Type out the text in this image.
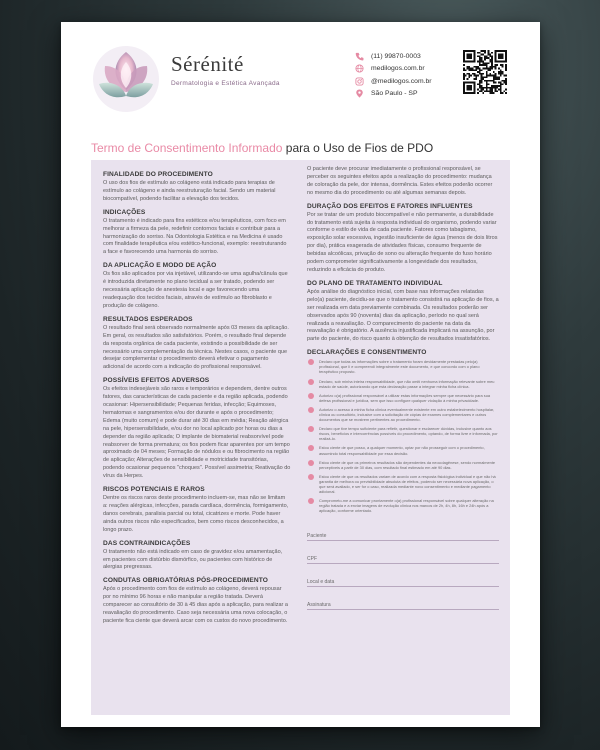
Sérénité
Dermatologia e Estética Avançada
(11) 99870-0003
medilogos.com.br
@medilogos.com.br
São Paulo - SP
Termo de Consentimento Informado para o Uso de Fios de PDO
FINALIDADE DO PROCEDIMENTO
O uso dos fios de estímulo ao colágeno está indicado para terapias de estímulo ao colágeno e ainda reestruturação facial. Sendo um material biocompatível, podendo facilitar a elevação dos tecidos.
INDICAÇÕES
O tratamento é indicado para fins estéticos e/ou terapêuticos, com foco em melhorar a firmeza da pele, redefinir contornos faciais e contribuir para a harmonização do sorriso. Na Odontologia Estética e na Medicina é usado com finalidade terapêutica e/ou estético-funcional, exemplo: reestruturando a face e favorecendo uma harmonia do sorriso.
DA APLICAÇÃO E MODO DE AÇÃO
Os fios são aplicados por via injetável, utilizando-se uma agulha/cânula que é introduzida diretamente no plano tecidual a ser tratado, podendo ser necessária aplicação de anestesia local e age favorecendo uma readequação dos tecidos faciais, através de estímulo ao fibroblasto e produção de colágeno.
RESULTADOS ESPERADOS
O resultado final será observado normalmente após 03 meses da aplicação. Em geral, os resultados são satisfatórios. Porém, o resultado final depende da resposta orgânica de cada paciente, existindo a possibilidade de ser necessário uma complementação da técnica. Nestes casos, o paciente que desejar complementar o procedimento deverá efetivar o pagamento adicional de acordo com a indicação do profissional responsável.
POSSÍVEIS EFEITOS ADVERSOS
Os efeitos indesejáveis são raros e temporários e dependem, dentre outros fatores, das características de cada paciente e da região aplicada, podendo ocasionar: Hipersensibilidade; Pequenas feridas, infecção; Equimoses, hematomas e sangramentos e/ou dor durante e após o procedimento; Edema (muito comum) e pode durar até 30 dias em média; Reação alérgica na pele, hipersensibilidade, e/ou dor no local aplicado por horas ou dias a depender da região aplicada; O implante de biomaterial reabsorvível pode reabsorver de forma prematura; os fios podem ficar aparentes por um tempo aproximado de 04 meses; Formação de nódulos e ou fibrocimento na região de aplicação; Alterações de sensibilidade e motricidade transitórias, podendo ocasionar pequenos "choques". Possível assimetria; Reativação do vírus da Herpes.
RISCOS POTENCIAIS E RAROS
Dentre os riscos raros deste procedimento incluem-se, mas não se limitam a: reações alérgicas, infecções, parada cardíaca, dormência, formigamento, danos cerebrais, paralisia parcial ou total, cicatrizes e morte. Pode haver ainda outros riscos não especificados, bem como riscos desconhecidos, a longo prazo.
DAS CONTRAINDICAÇÕES
O tratamento não está indicado em caso de gravidez e/ou amamentação, em pacientes com distúrbio dismórfico, ou pacientes com histórico de alergias pregressas.
CONDUTAS OBRIGATÓRIAS PÓS-PROCEDIMENTO
Após o procedimento com fios de estímulo ao colágeno, deverá repousar por no mínimo 96 horas e não manipular a região tratada. Deverá comparecer ao consultório de 30 à 45 dias após a aplicação, para realizar a reavaliação do procedimento. Caso seja necessária uma nova colocação, o paciente fica ciente que deverá arcar com os custos do novo procedimento.
O paciente deve procurar imediatamente o profissional responsável, se perceber os seguintes efeitos após a realização do procedimento: mudança de coloração da pele, dor intensa, dormência. Estes efeitos poderão ocorrer no mesmo dia do procedimento ou até algumas semanas depois.
DURAÇÃO DOS EFEITOS E FATORES INFLUENTES
Por se tratar de um produto biocompatível e não permanente, a durabilidade do tratamento está sujeita à resposta individual do organismo, podendo variar conforme o estilo de vida de cada paciente. Fatores como tabagismo, exposição solar excessiva, ingestão insuficiente de água (menos de dois litros por dia), prática exagerada de atividades físicas, consumo frequente de bebidas alcoólicas, privação de sono ou alteração frequente do fuso horário podem comprometer significativamente a longevidade dos resultados, reduzindo a eficácia do produto.
DO PLANO DE TRATAMENTO INDIVIDUAL
Após análise do diagnóstico inicial, com base nas informações relatadas pelo(a) paciente, decidiu-se que o tratamento consistirá na aplicação de fios, a ser realizada em data previamente combinada. Os resultados poderão ser observados após 90 (noventa) dias da aplicação, período no qual será realizada a reavaliação. O comparecimento do paciente na data da reavaliação é obrigatório. A ausência injustificada implicará na assunção, por parte do paciente, do risco quanto à obtenção de resultados insatisfatórios.
DECLARAÇÕES E CONSENTIMENTO
Declaro que todas as informações sobre o tratamento foram devidamente prestadas pelo(a) profissional, que li e compreendi integralmente este documento, e que concordo com o plano terapêutico proposto.
Declaro, sob minha inteira responsabilidade, que não omiti nenhuma informação relevante sobre meu estado de saúde, autorizando que esta declaração passe a integrar minha ficha clínica.
Autorizo o(a) profissional responsável a utilizar estas informações sempre que necessário para sua defesa profissional e jurídica, sem que isso configure qualquer violação à minha privacidade.
Autorizo o acesso à minha ficha clínica eventualmente existente em outro estabelecimento hospitalar, clínica ou consultório, inclusive com a solicitação de cópias de exames complementares e outros documentos que se mostrem pertinentes ao procedimento.
Declaro que tive tempo suficiente para refletir, questionar e esclarecer dúvidas, inclusive quanto aos riscos, benefícios e intercorrências possíveis do procedimento, optando, de forma livre e informada, por realizá-lo.
Estou ciente de que posso, a qualquer momento, optar por não prosseguir com o procedimento, assumindo total responsabilidade por essa decisão.
Estou ciente de que os primeiros resultados são dependentes da neocolagênese, sendo normalmente perceptíveis a partir de 30 dias, com resultado final estimado em até 90 dias.
Estou ciente de que os resultados variam de acordo com a resposta fisiológica individual e que não há garantia de melhora ou previsibilidade absoluta de efeitos, podendo ser necessária nova aplicação, o que será avaliado, e ser for o caso, realizada mediante novo consentimento e mediante pagamento adicional.
Comprometo-me a comunicar prontamente o(a) profissional responsável sobre qualquer alteração na região tratada e a enviar imagens de evolução clínica nos marcos de 2h, 4h, 8h, 16h e 24h após a aplicação, conforme orientado.
Paciente
CPF
Local e data
Assinatura
